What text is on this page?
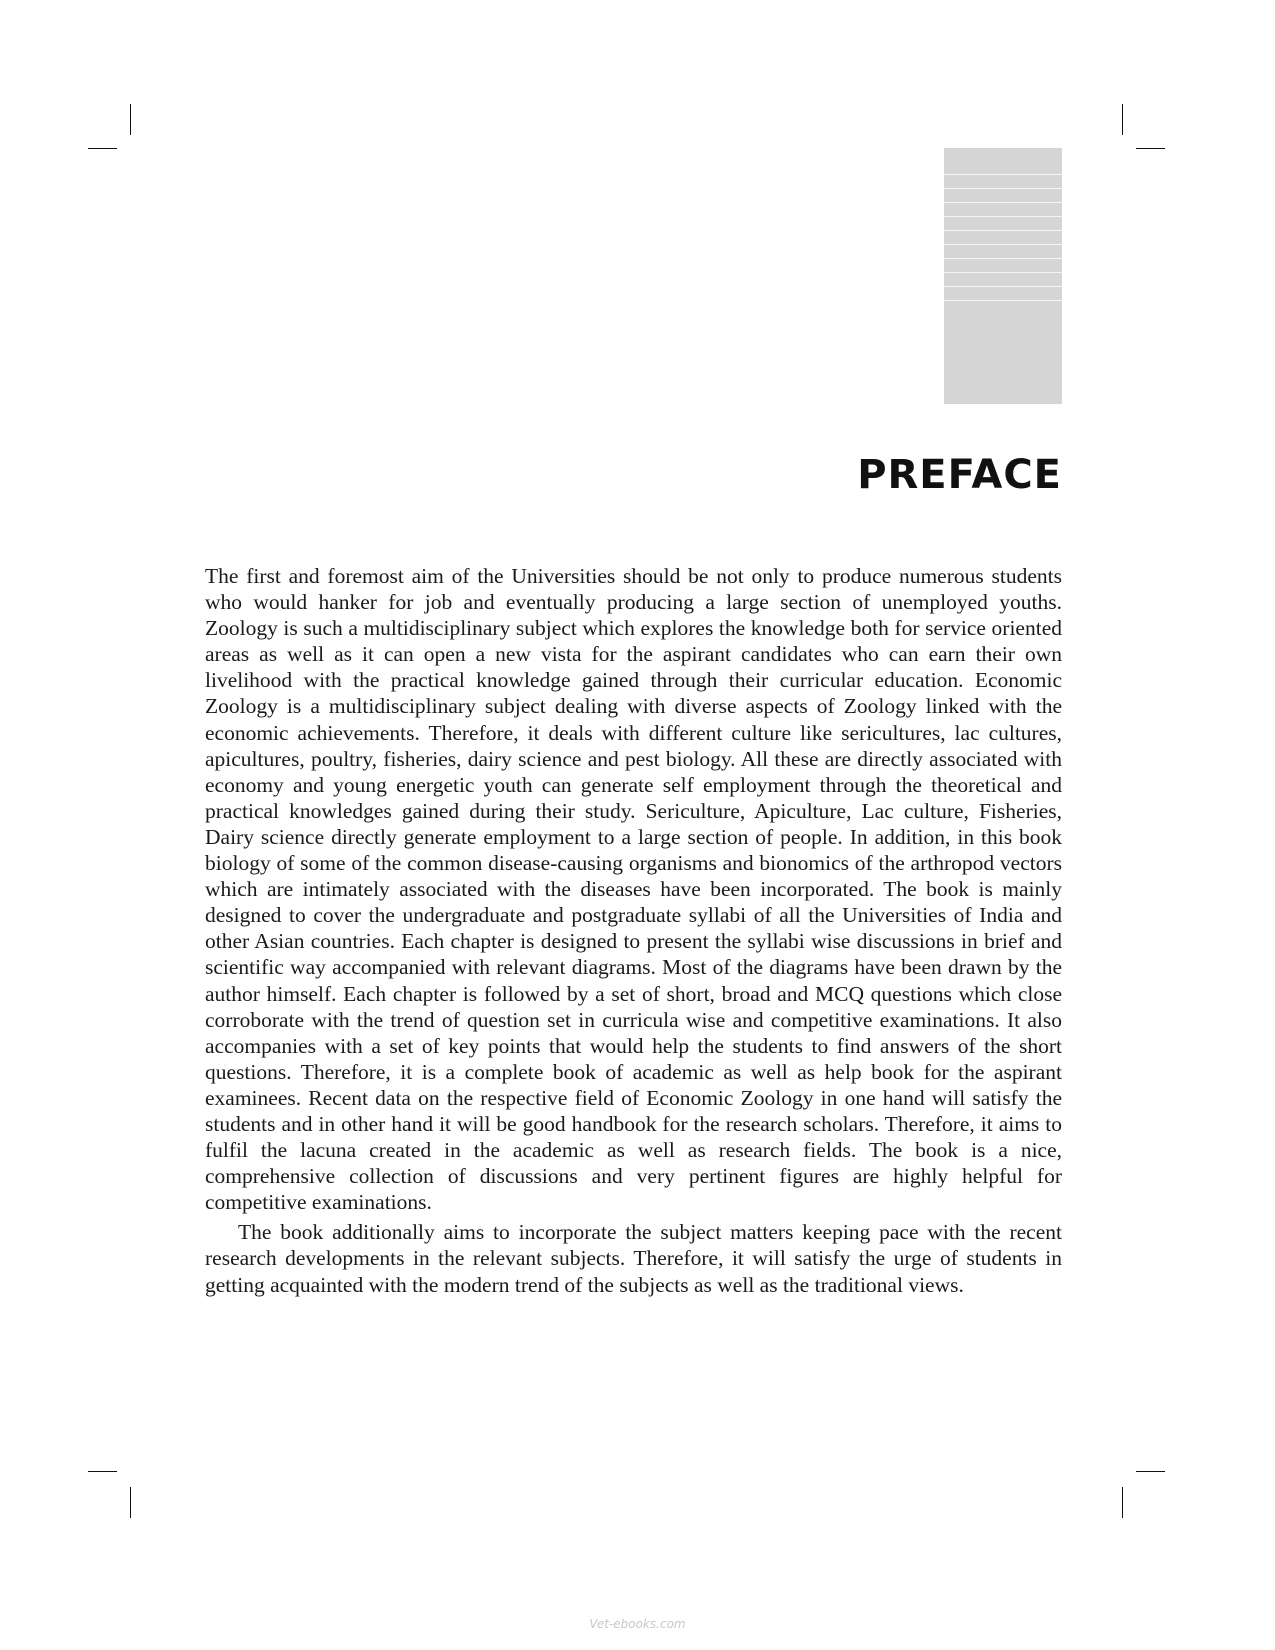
PREFACE

The first and foremost aim of the Universities should be not only to produce numerous students who would hanker for job and eventually producing a large section of unemployed youths. Zoology is such a multidisciplinary subject which explores the knowledge both for service oriented areas as well as it can open a new vista for the aspirant candidates who can earn their own livelihood with the practical knowledge gained through their curricular education. Economic Zoology is a multidisciplinary subject dealing with diverse aspects of Zoology linked with the economic achievements. Therefore, it deals with different culture like sericultures, lac cultures, apicultures, poultry, fisheries, dairy science and pest biology. All these are directly associated with economy and young energetic youth can generate self employment through the theoretical and practical knowledges gained during their study. Sericulture, Apiculture, Lac culture, Fisheries, Dairy science directly generate employment to a large section of people. In addition, in this book biology of some of the common disease-causing organisms and bionomics of the arthropod vectors which are intimately associated with the diseases have been incorporated. The book is mainly designed to cover the undergraduate and postgraduate syllabi of all the Universities of India and other Asian countries. Each chapter is designed to present the syllabi wise discussions in brief and scientific way accompanied with relevant diagrams. Most of the diagrams have been drawn by the author himself. Each chapter is followed by a set of short, broad and MCQ questions which close corroborate with the trend of question set in curricula wise and competitive examinations. It also accompanies with a set of key points that would help the students to find answers of the short questions. Therefore, it is a complete book of academic as well as help book for the aspirant examinees. Recent data on the respective field of Economic Zoology in one hand will satisfy the students and in other hand it will be good handbook for the research scholars. Therefore, it aims to fulfil the lacuna created in the academic as well as research fields. The book is a nice, comprehensive collection of discussions and very pertinent figures are highly helpful for competitive examinations.

The book additionally aims to incorporate the subject matters keeping pace with the recent research developments in the relevant subjects. Therefore, it will satisfy the urge of students in getting acquainted with the modern trend of the subjects as well as the traditional views.

Vet-ebooks.com
